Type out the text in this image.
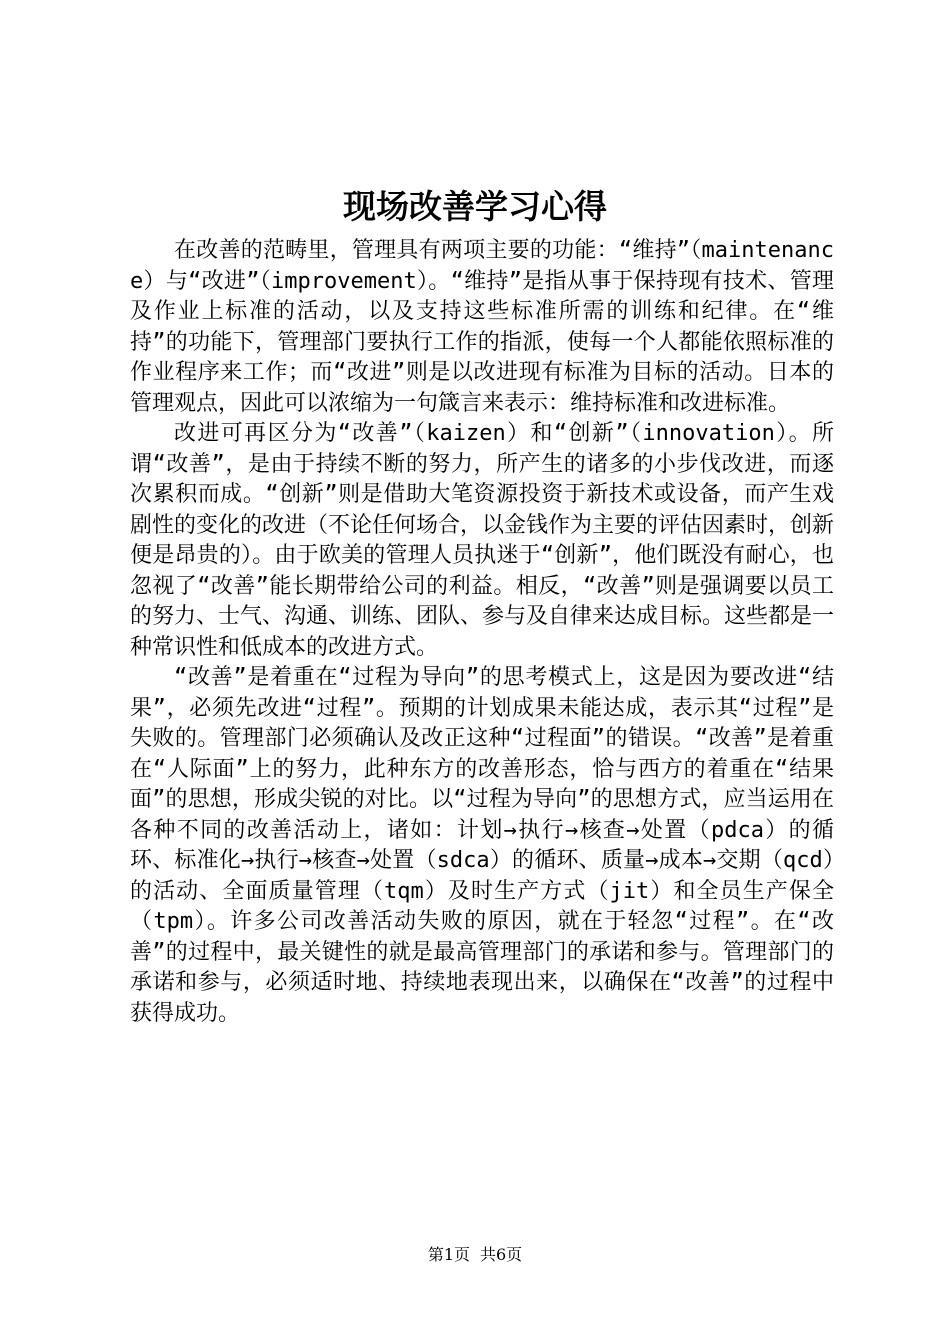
现场改善学习心得

在改善的范畴里，管理具有两项主要的功能：“维持”（maintenance）与“改进”（improvement）。“维持”是指从事于保持现有技术、管理及作业上标准的活动，以及支持这些标准所需的训练和纪律。在“维持”的功能下，管理部门要执行工作的指派，使每一个人都能依照标准的作业程序来工作；而“改进”则是以改进现有标准为目标的活动。日本的管理观点，因此可以浓缩为一句箴言来表示：维持标准和改进标准。

改进可再区分为“改善”（kaizen）和“创新”（innovation）。所谓“改善”，是由于持续不断的努力，所产生的诸多的小步伐改进，而逐次累积而成。“创新”则是借助大笔资源投资于新技术或设备，而产生戏剧性的变化的改进（不论任何场合，以金钱作为主要的评估因素时，创新便是昂贵的）。由于欧美的管理人员执迷于“创新”，他们既没有耐心，也忽视了“改善”能长期带给公司的利益。相反，“改善”则是强调要以员工的努力、士气、沟通、训练、团队、参与及自律来达成目标。这些都是一种常识性和低成本的改进方式。

“改善”是着重在“过程为导向”的思考模式上，这是因为要改进“结果”，必须先改进“过程”。预期的计划成果未能达成，表示其“过程”是失败的。管理部门必须确认及改正这种“过程面”的错误。“改善”是着重在“人际面”上的努力，此种东方的改善形态，恰与西方的着重在“结果面”的思想，形成尖锐的对比。以“过程为导向”的思想方式，应当运用在各种不同的改善活动上，诸如：计划→执行→核查→处置（pdca）的循环、标准化→执行→核查→处置（sdca）的循环、质量→成本→交期（qcd）的活动、全面质量管理（tqm）及时生产方式（jit）和全员生产保全（tpm）。许多公司改善活动失败的原因，就在于轻忽“过程”。在“改善”的过程中，最关键性的就是最高管理部门的承诺和参与。管理部门的承诺和参与，必须适时地、持续地表现出来，以确保在“改善”的过程中获得成功。

第1页 共6页
